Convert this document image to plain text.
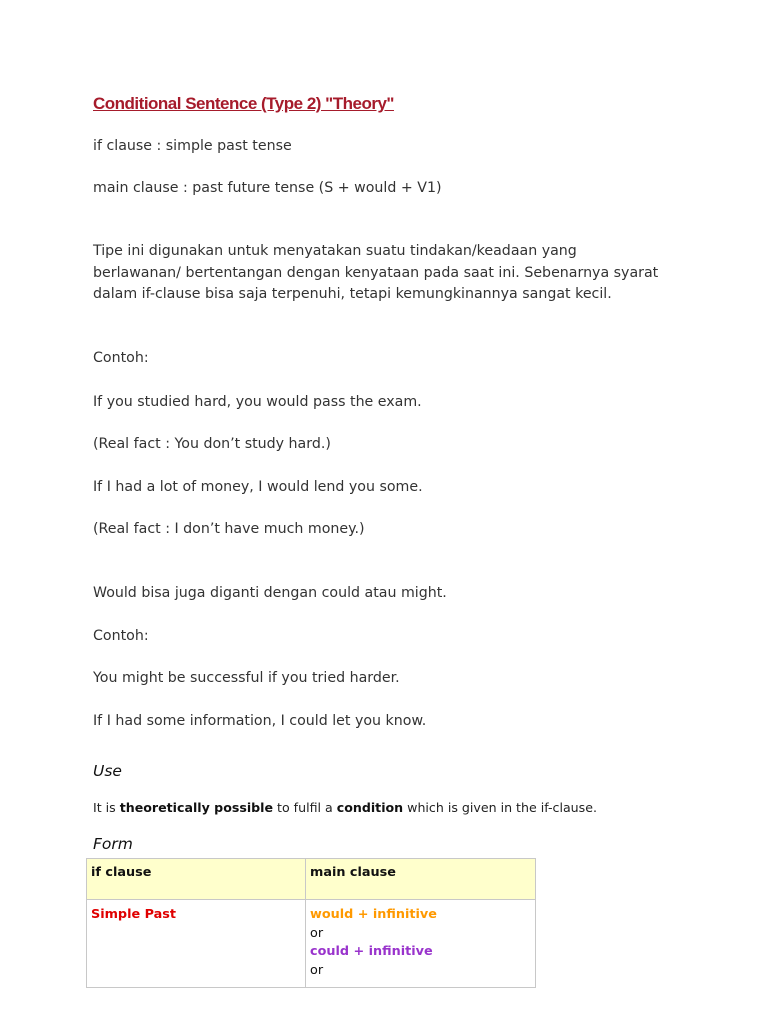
Conditional Sentence (Type 2) "Theory"
if clause : simple past tense
main clause : past future tense (S + would + V1)
Tipe ini digunakan untuk menyatakan suatu tindakan/keadaan yang berlawanan/ bertentangan dengan kenyataan pada saat ini. Sebenarnya syarat dalam if-clause bisa saja terpenuhi, tetapi kemungkinannya sangat kecil.
Contoh:
If you studied hard, you would pass the exam.
(Real fact : You don’t study hard.)
If I had a lot of money, I would lend you some.
(Real fact : I don’t have much money.)
Would bisa juga diganti dengan could atau might.
Contoh:
You might be successful if you tried harder.
If I had some information, I could let you know.
Use
It is theoretically possible to fulfil a condition which is given in the if-clause.
Form
if clause	main clause
Simple Past	would + infinitive
or
could + infinitive
or
